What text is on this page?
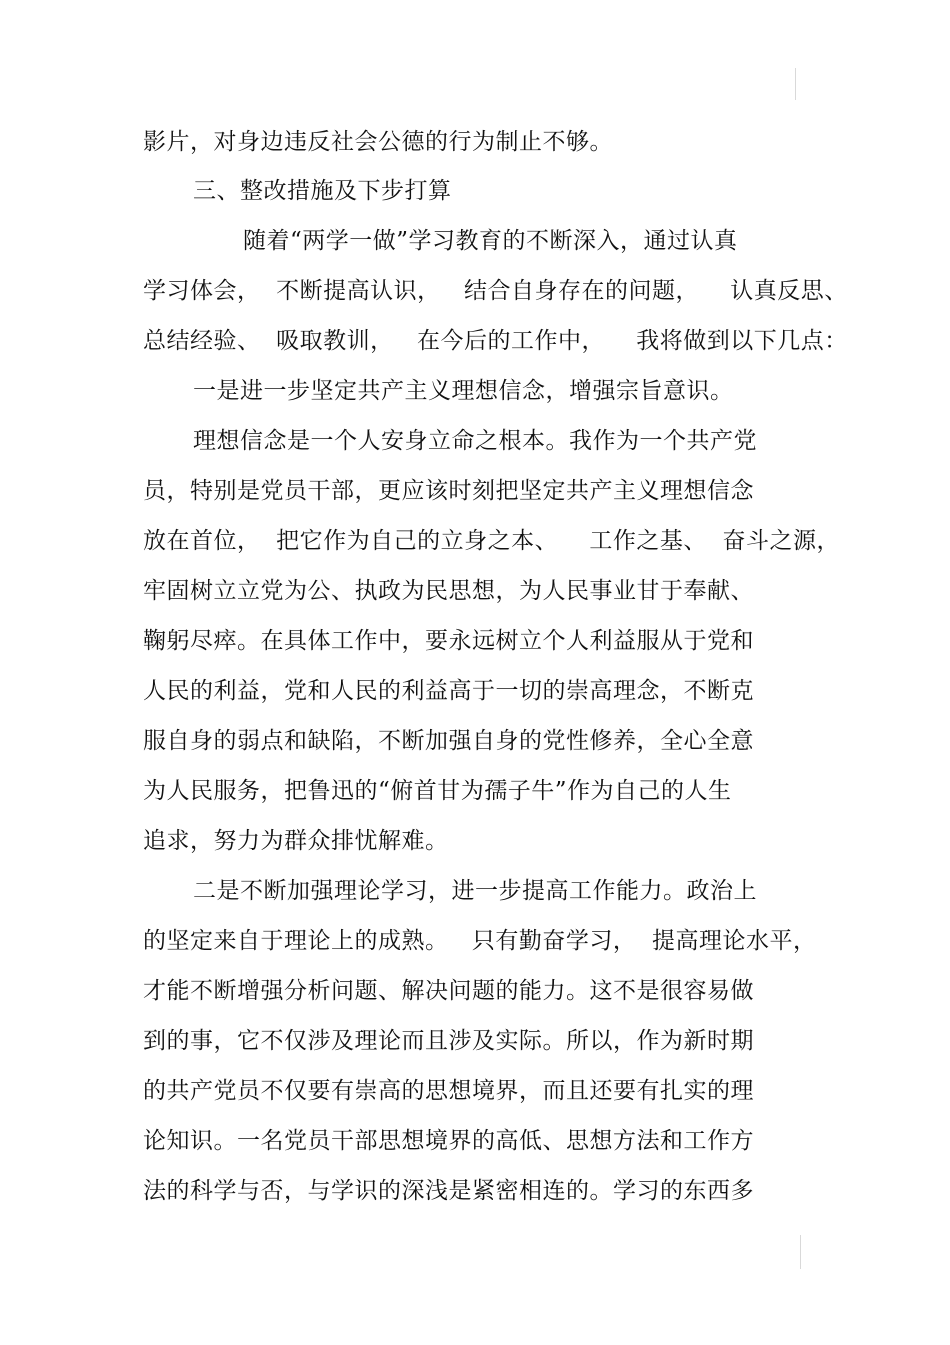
影片，对身边违反社会公德的行为制止不够。
三、整改措施及下步打算
随着“两学一做”学习教育的不断深入，通过认真
学习体会，  不断提高认识，   结合自身存在的问题，    认真反思、
总结经验、  吸取教训，   在今后的工作中，    我将做到以下几点：
一是进一步坚定共产主义理想信念，增强宗旨意识。
理想信念是一个人安身立命之根本。我作为一个共产党
员，特别是党员干部，更应该时刻把坚定共产主义理想信念
放在首位，  把它作为自己的立身之本、    工作之基、  奋斗之源，
牢固树立立党为公、执政为民思想，为人民事业甘于奉献、
鞠躬尽瘁。在具体工作中，要永远树立个人利益服从于党和
人民的利益，党和人民的利益高于一切的崇高理念，不断克
服自身的弱点和缺陷，不断加强自身的党性修养，全心全意
为人民服务，把鲁迅的“俯首甘为孺子牛”作为自己的人生
追求，努力为群众排忧解难。
二是不断加强理论学习，进一步提高工作能力。政治上
的坚定来自于理论上的成熟。   只有勤奋学习，  提高理论水平，
才能不断增强分析问题、解决问题的能力。这不是很容易做
到的事，它不仅涉及理论而且涉及实际。所以，作为新时期
的共产党员不仅要有崇高的思想境界，而且还要有扎实的理
论知识。一名党员干部思想境界的高低、思想方法和工作方
法的科学与否，与学识的深浅是紧密相连的。学习的东西多
